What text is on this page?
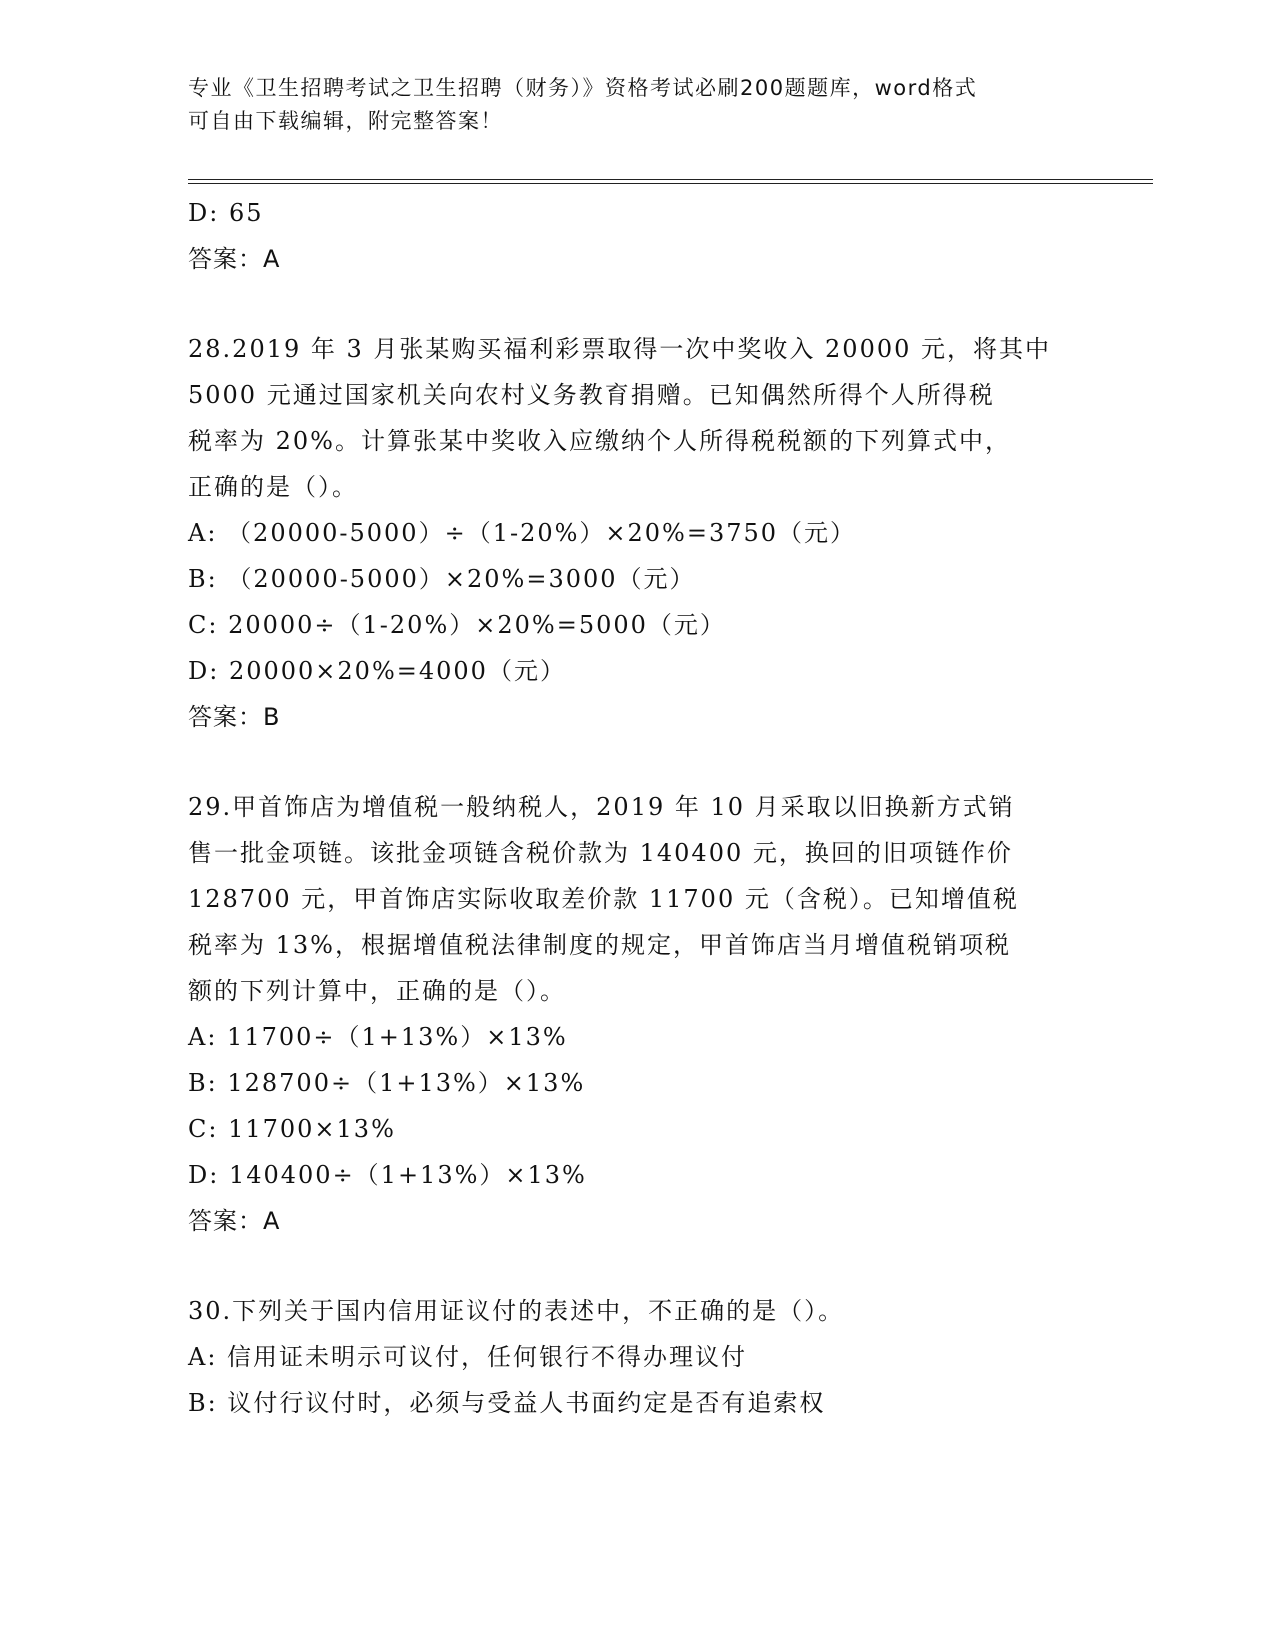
专业《卫生招聘考试之卫生招聘（财务）》资格考试必刷200题题库，word格式
可自由下载编辑，附完整答案！
D: 65
答案：A
28.2019 年 3 月张某购买福利彩票取得一次中奖收入 20000 元，将其中
5000 元通过国家机关向农村义务教育捐赠。已知偶然所得个人所得税
税率为 20%。计算张某中奖收入应缴纳个人所得税税额的下列算式中，
正确的是（）。
A: （20000-5000）÷（1-20%）×20%=3750（元）
B: （20000-5000）×20%=3000（元）
C: 20000÷（1-20%）×20%=5000（元）
D: 20000×20%=4000（元）
答案：B
29.甲首饰店为增值税一般纳税人，2019 年 10 月采取以旧换新方式销
售一批金项链。该批金项链含税价款为 140400 元，换回的旧项链作价
128700 元，甲首饰店实际收取差价款 11700 元（含税）。已知增值税
税率为 13%，根据增值税法律制度的规定，甲首饰店当月增值税销项税
额的下列计算中，正确的是（）。
A: 11700÷（1+13%）×13%
B: 128700÷（1+13%）×13%
C: 11700×13%
D: 140400÷（1+13%）×13%
答案：A
30.下列关于国内信用证议付的表述中，不正确的是（）。
A: 信用证未明示可议付，任何银行不得办理议付
B: 议付行议付时，必须与受益人书面约定是否有追索权
